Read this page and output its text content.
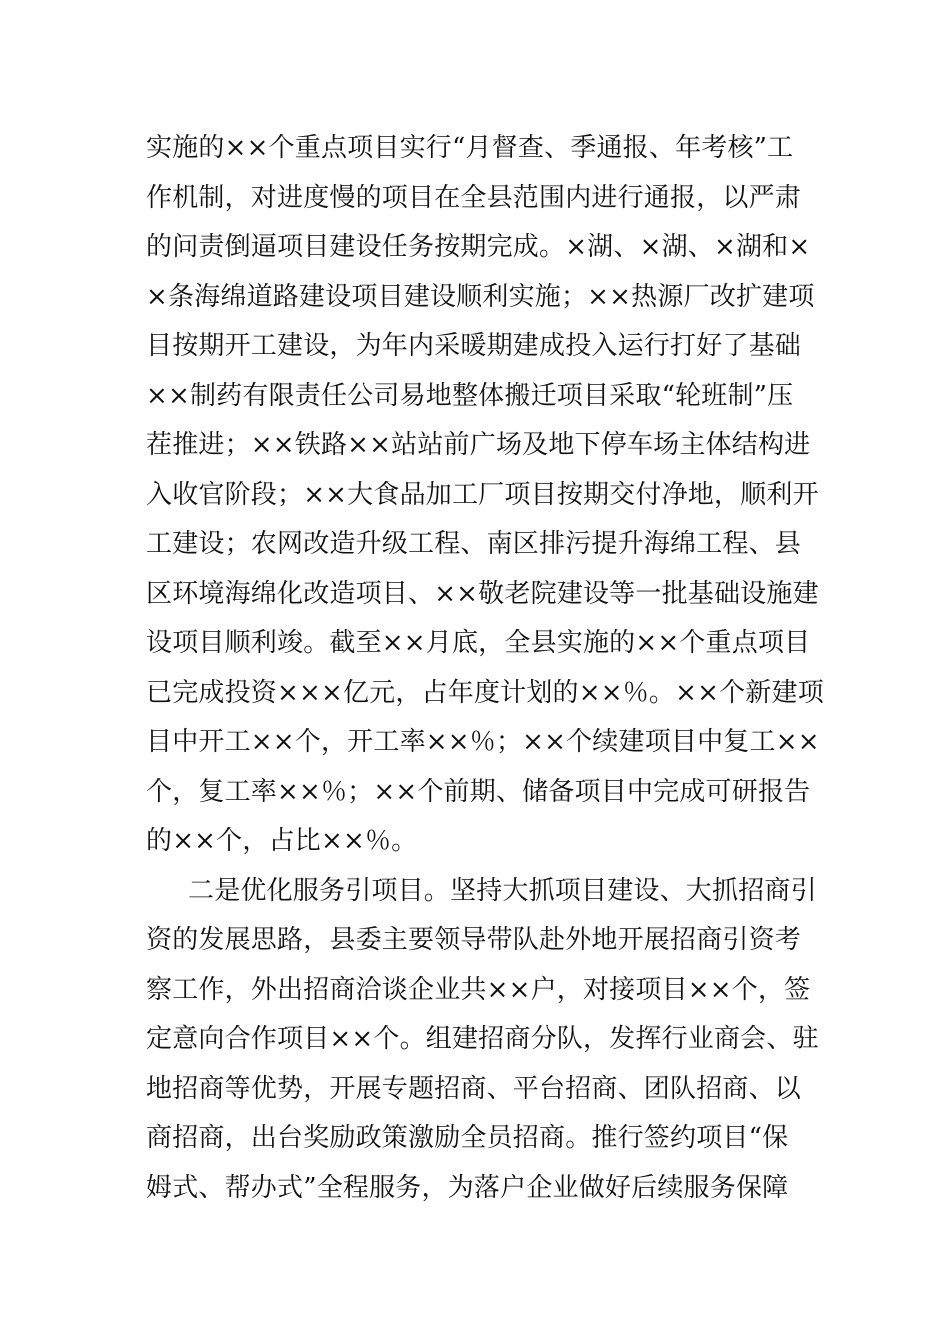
实施的××个重点项目实行“月督查、季通报、年考核”工
作机制，对进度慢的项目在全县范围内进行通报，以严肃
的问责倒逼项目建设任务按期完成。×湖、×湖、×湖和×
×条海绵道路建设项目建设顺利实施；××热源厂改扩建项
目按期开工建设，为年内采暖期建成投入运行打好了基础
××制药有限责任公司易地整体搬迁项目采取“轮班制”压
茬推进；××铁路××站站前广场及地下停车场主体结构进
入收官阶段；××大食品加工厂项目按期交付净地，顺利开
工建设；农网改造升级工程、南区排污提升海绵工程、县
区环境海绵化改造项目、××敬老院建设等一批基础设施建
设项目顺利竣。截至××月底，全县实施的××个重点项目
已完成投资×××亿元，占年度计划的××％。××个新建项
目中开工××个，开工率××％；××个续建项目中复工××
个，复工率××％；××个前期、储备项目中完成可研报告
的××个，占比××％。
二是优化服务引项目。坚持大抓项目建设、大抓招商引
资的发展思路，县委主要领导带队赴外地开展招商引资考
察工作，外出招商洽谈企业共××户，对接项目××个，签
定意向合作项目××个。组建招商分队，发挥行业商会、驻
地招商等优势，开展专题招商、平台招商、团队招商、以
商招商，出台奖励政策激励全员招商。推行签约项目“保
姆式、帮办式”全程服务，为落户企业做好后续服务保障
